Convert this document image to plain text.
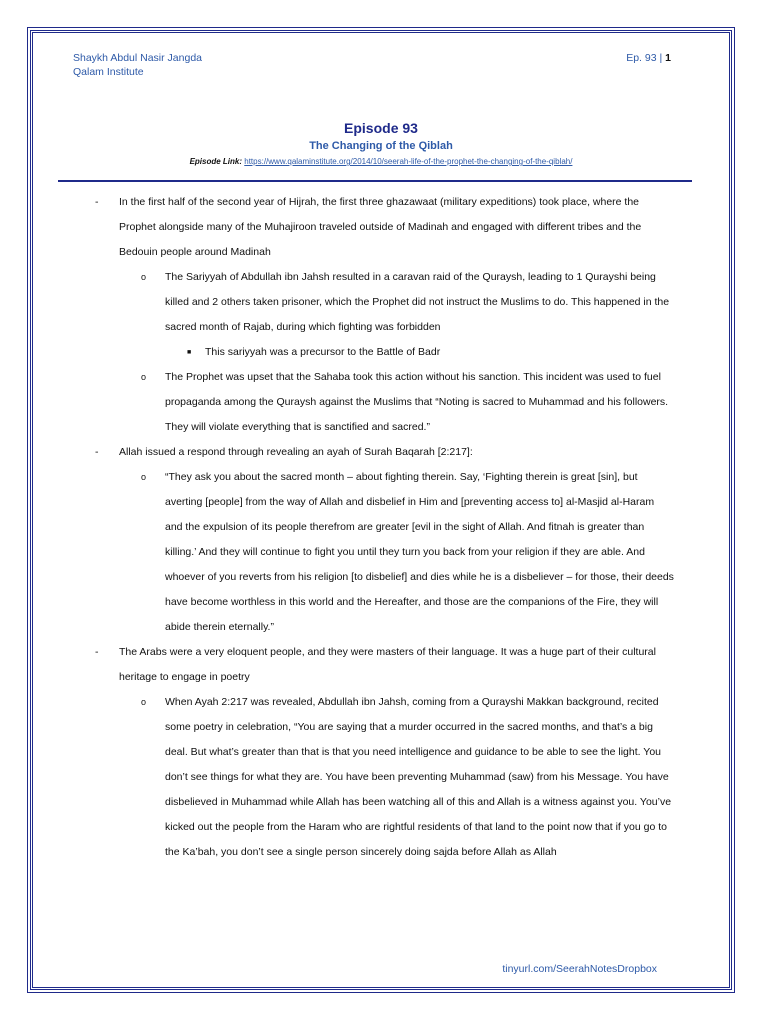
Shaykh Abdul Nasir Jangda
Qalam Institute
Ep. 93 | 1
Episode 93
The Changing of the Qiblah
Episode Link: https://www.qalaminstitute.org/2014/10/seerah-life-of-the-prophet-the-changing-of-the-qiblah/
- In the first half of the second year of Hijrah, the first three ghazawaat (military expeditions) took place, where the Prophet alongside many of the Muhajiroon traveled outside of Madinah and engaged with different tribes and the Bedouin people around Madinah
o The Sariyyah of Abdullah ibn Jahsh resulted in a caravan raid of the Quraysh, leading to 1 Qurayshi being killed and 2 others taken prisoner, which the Prophet did not instruct the Muslims to do. This happened in the sacred month of Rajab, during which fighting was forbidden
■ This sariyyah was a precursor to the Battle of Badr
o The Prophet was upset that the Sahaba took this action without his sanction. This incident was used to fuel propaganda among the Quraysh against the Muslims that “Noting is sacred to Muhammad and his followers. They will violate everything that is sanctified and sacred.”
- Allah issued a respond through revealing an ayah of Surah Baqarah [2:217]:
o “They ask you about the sacred month – about fighting therein. Say, ‘Fighting therein is great [sin], but averting [people] from the way of Allah and disbelief in Him and [preventing access to] al-Masjid al-Haram and the expulsion of its people therefrom are greater [evil in the sight of Allah. And fitnah is greater than killing.’ And they will continue to fight you until they turn you back from your religion if they are able. And whoever of you reverts from his religion [to disbelief] and dies while he is a disbeliever – for those, their deeds have become worthless in this world and the Hereafter, and those are the companions of the Fire, they will abide therein eternally.”
- The Arabs were a very eloquent people, and they were masters of their language. It was a huge part of their cultural heritage to engage in poetry
o When Ayah 2:217 was revealed, Abdullah ibn Jahsh, coming from a Qurayshi Makkan background, recited some poetry in celebration, “You are saying that a murder occurred in the sacred months, and that’s a big deal. But what’s greater than that is that you need intelligence and guidance to be able to see the light. You don’t see things for what they are. You have been preventing Muhammad (saw) from his Message. You have disbelieved in Muhammad while Allah has been watching all of this and Allah is a witness against you. You’ve kicked out the people from the Haram who are rightful residents of that land to the point now that if you go to the Ka’bah, you don’t see a single person sincerely doing sajda before Allah as Allah
tinyurl.com/SeerahNotesDropbox
